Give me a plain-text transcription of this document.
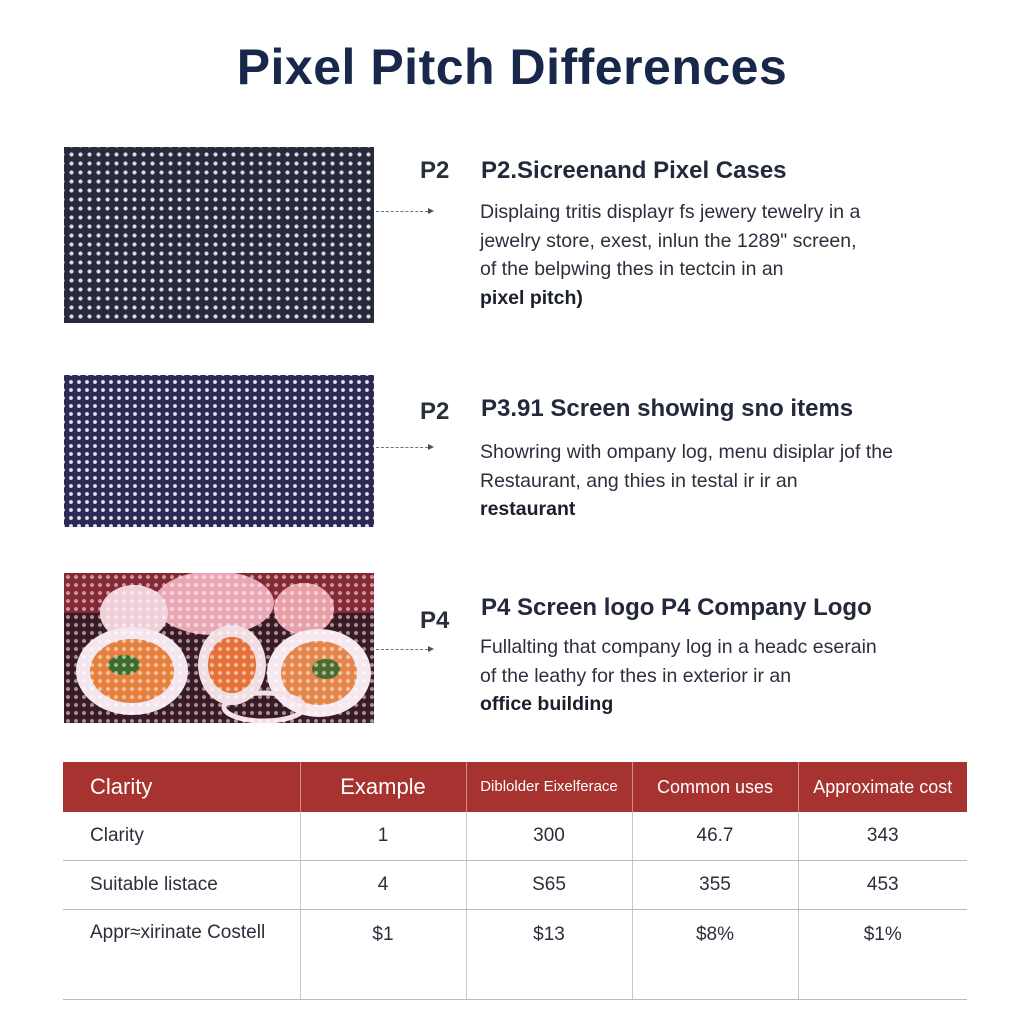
Pixel Pitch Differences
P2 P2.Sicreenand Pixel Cases
Displaing tritis displayr fs jewery tewelry in a
jewelry store, exest, inlun the 1289" screen,
of the belpwing thes in tectcin in an
pixel pitch)
P2 P3.91 Screen showing sno items
Showring with ompany log, menu disiplar jof the
Restaurant, ang thies in testal ir ir an
restaurant
P4 P4 Screen logo P4 Company Logo
Fullalting that company log in a headc eserain
of the leathy for thes in exterior ir an
office building
Clarity	Example	Diblolder Eixelferace	Common uses	Approximate cost
Clarity	1	300	46.7	343
Suitable listace	4	S65	355	453
Appr≈xirinate Costell	$1	$13	$8%	$1%
